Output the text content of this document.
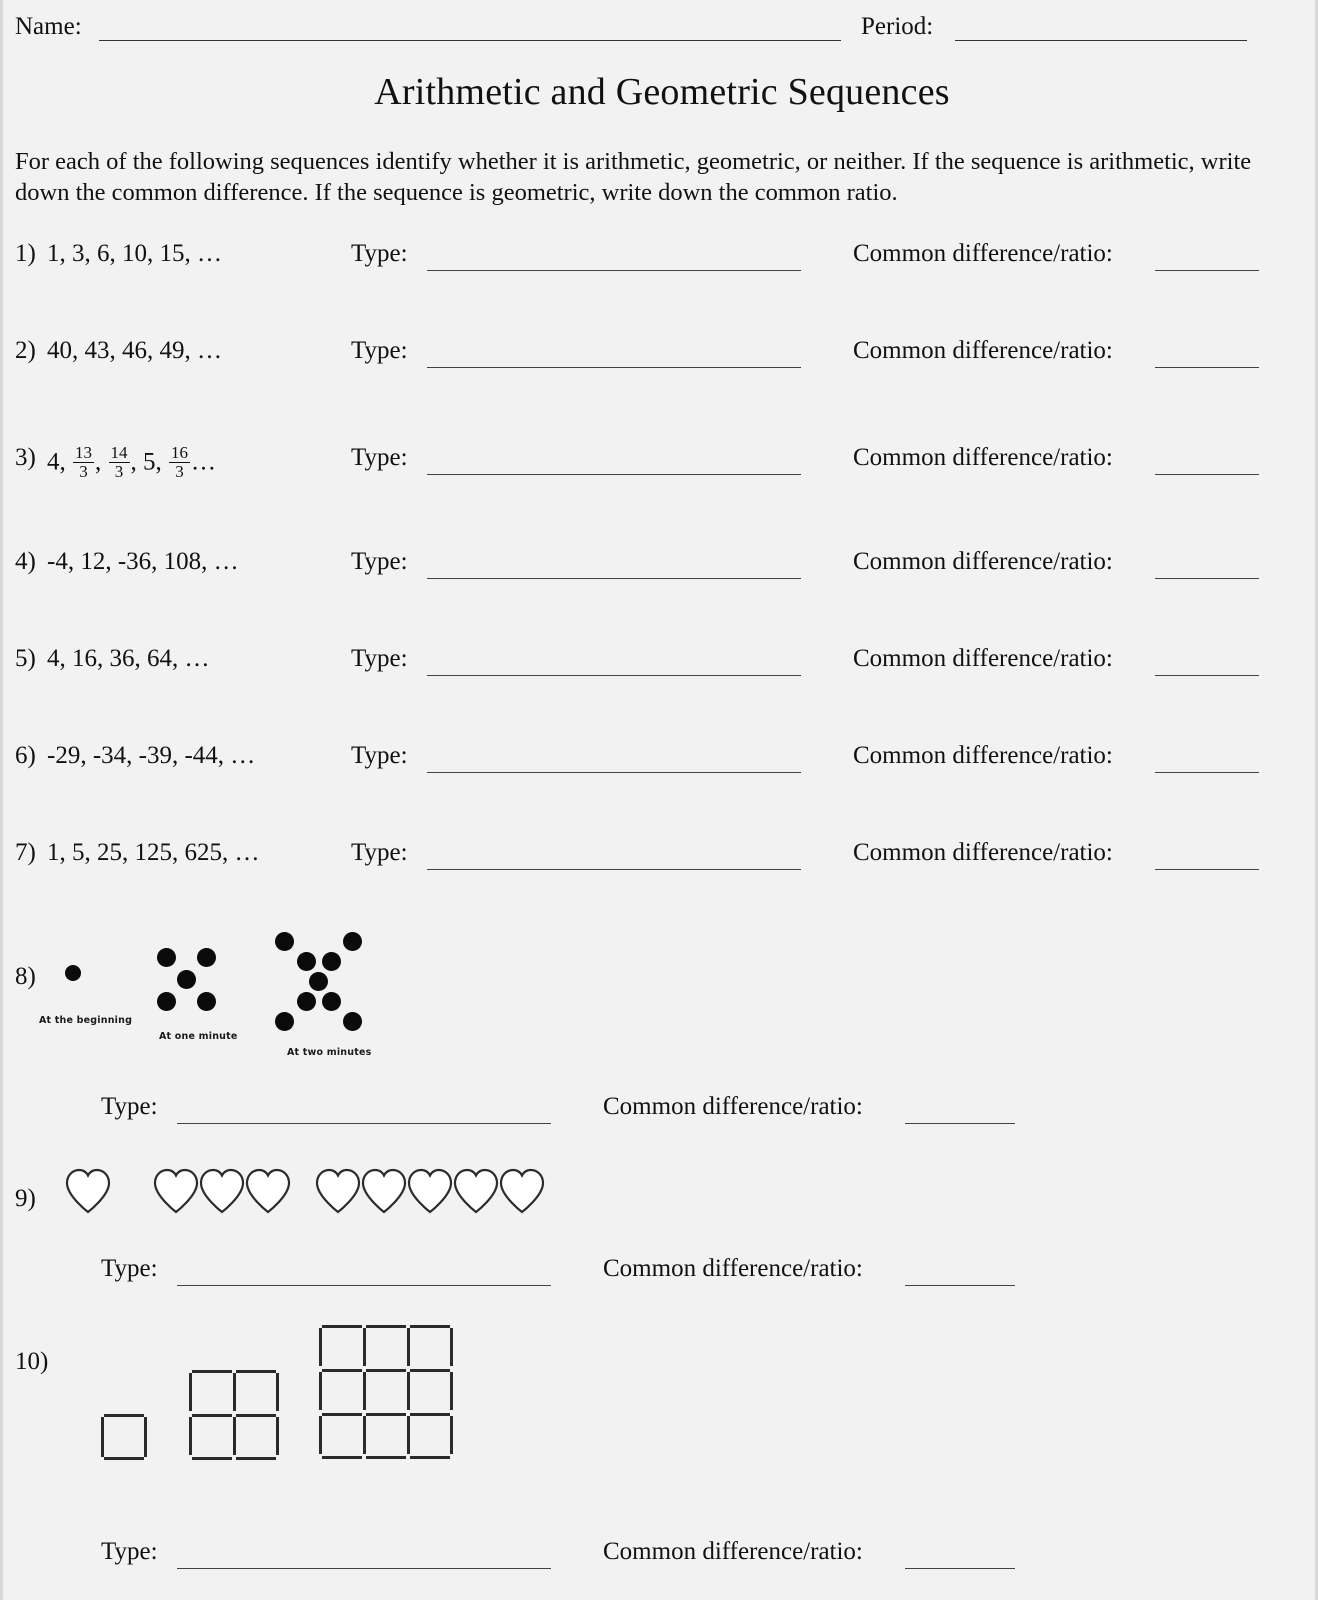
Name:	Period:
Arithmetic and Geometric Sequences
For each of the following sequences identify whether it is arithmetic, geometric, or neither. If the sequence is arithmetic, write down the common difference. If the sequence is geometric, write down the common ratio.
1) 1, 3, 6, 10, 15, …	Type:	Common difference/ratio:
2) 40, 43, 46, 49, …	Type:	Common difference/ratio:
3) 4, $\frac{13}{3}$ , $\frac{14}{3}$ , 5, $\frac{16}{3}$ …	Type:	Common difference/ratio:
4) -4, 12, -36, 108, …	Type:	Common difference/ratio:
5) 4, 16, 36, 64, …	Type:	Common difference/ratio:
6) -29, -34, -39, -44, …	Type:	Common difference/ratio:
7) 1, 5, 25, 125, 625, …	Type:	Common difference/ratio:
8)
At the beginning
At one minute
At two minutes
Type:	Common difference/ratio:
9)
Type:	Common difference/ratio:
10)
Type:	Common difference/ratio:
